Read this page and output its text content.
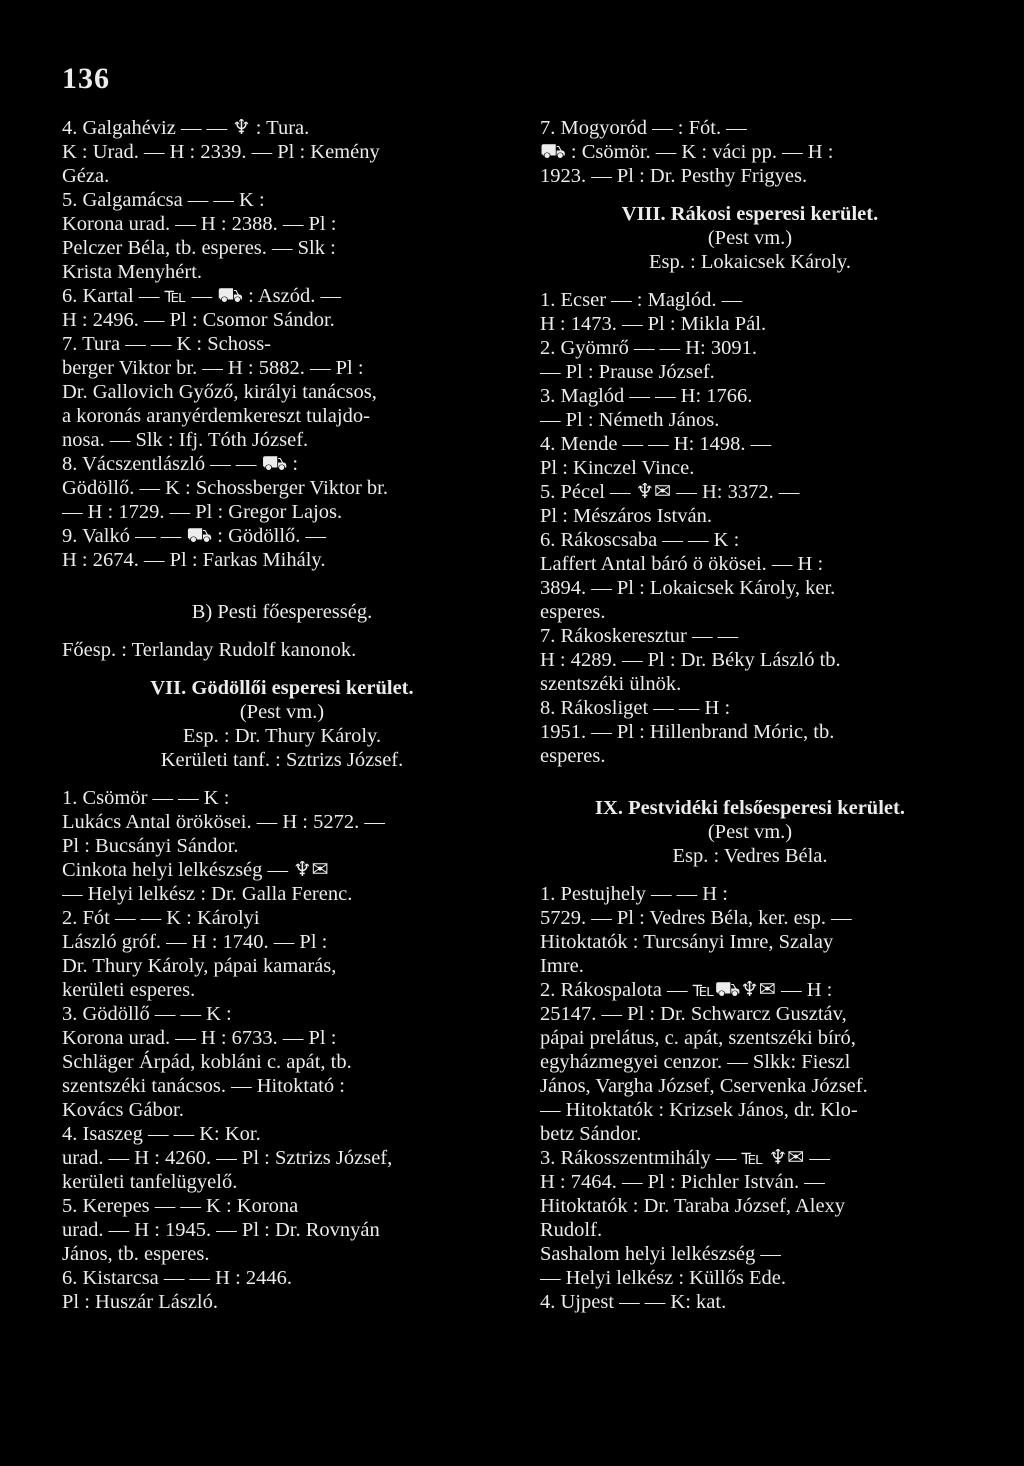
136
4. Galgahéviz — — ♆ : Tura.
K : Urad. — H : 2339. — Pl : Kemény
Géza.
5. Galgamácsa — — K :
Korona urad. — H : 2388. — Pl :
Pelczer Béla, tb. esperes. — Slk :
Krista Menyhért.
6. Kartal — ℡ — ⛟ : Aszód. —
H : 2496. — Pl : Csomor Sándor.
7. Tura — — K : Schoss-
berger Viktor br. — H : 5882. — Pl :
Dr. Gallovich Győző, királyi tanácsos,
a koronás aranyérdemkereszt tulajdo-
nosa. — Slk : Ifj. Tóth József.
8. Vácszentlászló — — ⛟ :
Gödöllő. — K : Schossberger Viktor br.
— H : 1729. — Pl : Gregor Lajos.
9. Valkó — — ⛟ : Gödöllő. —
H : 2674. — Pl : Farkas Mihály.
B) Pesti főesperesség.
Főesp. : Terlanday Rudolf kanonok.
VII. Gödöllői esperesi kerület.
(Pest vm.)
Esp. : Dr. Thury Károly.
Kerületi tanf. : Sztrizs József.
1. Csömör — — K :
Lukács Antal örökösei. — H : 5272. —
Pl : Bucsányi Sándor.
Cinkota helyi lelkészség — ♆✉
— Helyi lelkész : Dr. Galla Ferenc.
2. Fót — — K : Károlyi
László gróf. — H : 1740. — Pl :
Dr. Thury Károly, pápai kamarás,
kerületi esperes.
3. Gödöllő — — K :
Korona urad. — H : 6733. — Pl :
Schläger Árpád, kobláni c. apát, tb.
szentszéki tanácsos. — Hitoktató :
Kovács Gábor.
4. Isaszeg — — K: Kor.
urad. — H : 4260. — Pl : Sztrizs József,
kerületi tanfelügyelő.
5. Kerepes — — K : Korona
urad. — H : 1945. — Pl : Dr. Rovnyán
János, tb. esperes.
6. Kistarcsa — — H : 2446.
Pl : Huszár László.
7. Mogyoród — : Fót. —
⛟ : Csömör. — K : váci pp. — H :
1923. — Pl : Dr. Pesthy Frigyes.
VIII. Rákosi esperesi kerület.
(Pest vm.)
Esp. : Lokaicsek Károly.
1. Ecser — : Maglód. —
H : 1473. — Pl : Mikla Pál.
2. Gyömrő — — H: 3091.
— Pl : Prause József.
3. Maglód — — H: 1766.
— Pl : Németh János.
4. Mende — — H: 1498. —
Pl : Kinczel Vince.
5. Pécel — ♆✉ — H: 3372. —
Pl : Mészáros István.
6. Rákoscsaba — — K :
Laffert Antal báró ö ökösei. — H :
3894. — Pl : Lokaicsek Károly, ker.
esperes.
7. Rákoskeresztur — —
H : 4289. — Pl : Dr. Béky László tb.
szentszéki ülnök.
8. Rákosliget — — H :
1951. — Pl : Hillenbrand Móric, tb.
esperes.
IX. Pestvidéki felsőesperesi kerület.
(Pest vm.)
Esp. : Vedres Béla.
1. Pestujhely — — H :
5729. — Pl : Vedres Béla, ker. esp. —
Hitoktatók : Turcsányi Imre, Szalay
Imre.
2. Rákospalota — ℡⛟♆✉ — H :
25147. — Pl : Dr. Schwarcz Gusztáv,
pápai prelátus, c. apát, szentszéki bíró,
egyházmegyei cenzor. — Slkk: Fieszl
János, Vargha József, Cservenka József.
— Hitoktatók : Krizsek János, dr. Klo-
betz Sándor.
3. Rákosszentmihály — ℡ ♆✉ —
H : 7464. — Pl : Pichler István. —
Hitoktatók : Dr. Taraba József, Alexy
Rudolf.
Sashalom helyi lelkészség —
— Helyi lelkész : Küllős Ede.
4. Ujpest — — K: kat.
